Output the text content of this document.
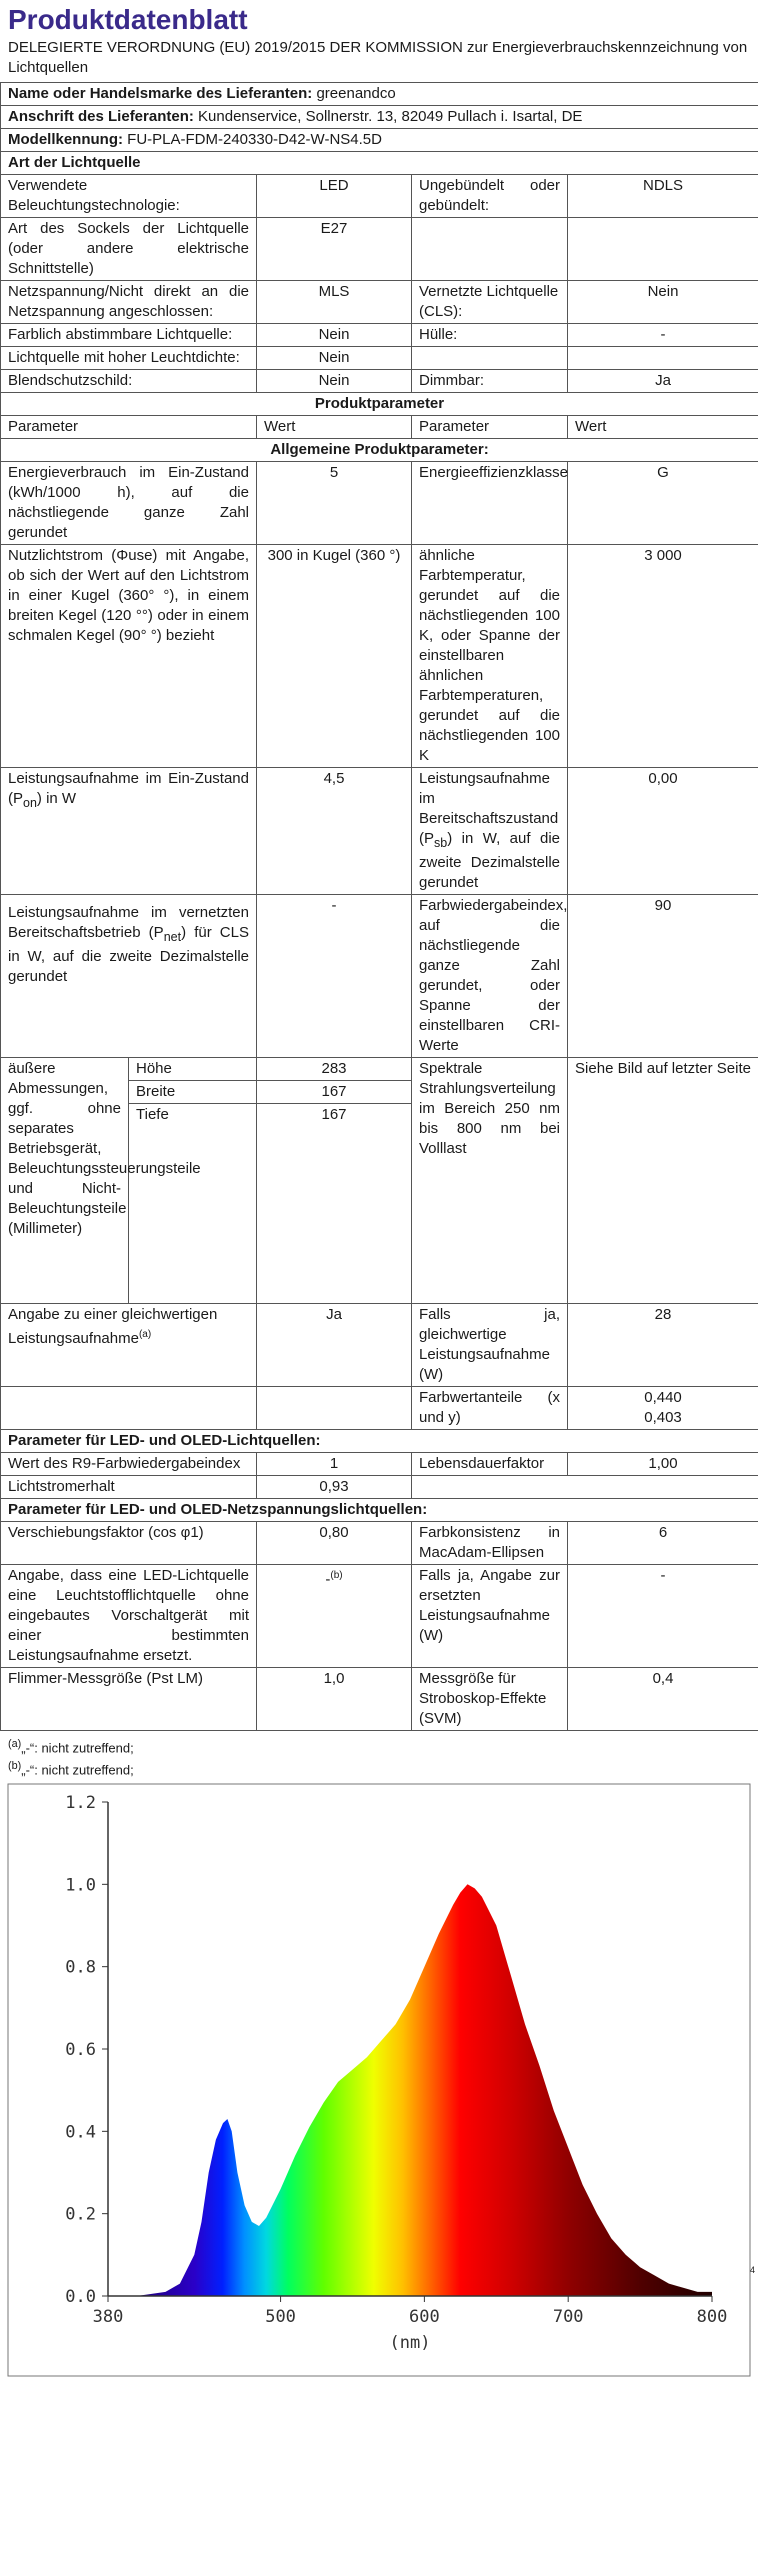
Produktdatenblatt
DELEGIERTE VERORDNUNG (EU) 2019/2015 DER KOMMISSION zur Energieverbrauchskennzeichnung von Lichtquellen
Name oder Handelsmarke des Lieferanten: greenandco				
Anschrift des Lieferanten: Kundenservice, Sollnerstr. 13, 82049 Pullach i. Isartal, DE				
Modellkennung: FU-PLA-FDM-240330-D42-W-NS4.5D				
Art der Lichtquelle				
Verwendete Beleuchtungstechnologie:		LED	Ungebündelt oder gebündelt:	NDLS
Art des Sockels der Lichtquelle (oder andere elektrische Schnittstelle)		E27		
Netzspannung/Nicht direkt an die Netzspannung angeschlossen:		MLS	Vernetzte Lichtquelle (CLS):	Nein
Farblich abstimmbare Lichtquelle:		Nein	Hülle:	-
Lichtquelle mit hoher Leuchtdichte:		Nein		
Blendschutzschild:		Nein	Dimmbar:	Ja
Produktparameter				
Parameter		Wert	Parameter	Wert
Allgemeine Produktparameter:				
Energieverbrauch im Ein-Zustand (kWh/1000 h), auf die nächstliegende ganze Zahl gerundet		5	Energieeffizienzklasse	G
Nutzlichtstrom (Φuse) mit Angabe, ob sich der Wert auf den Lichtstrom in einer Kugel (360° °), in einem breiten Kegel (120 °°) oder in einem schmalen Kegel (90° °) bezieht		300 in Kugel (360 °)	ähnliche Farbtemperatur, gerundet auf die nächstliegenden 100 K, oder Spanne der einstellbaren ähnlichen Farbtemperaturen, gerundet auf die nächstliegenden 100 K	3 000
Leistungsaufnahme im Ein-Zustand $(P_{on})$ in W		4,5	Leistungsaufnahme im Bereitschaftszustand $(P_{sb})$ in W, auf die zweite Dezimalstelle gerundet	0,00
Leistungsaufnahme im vernetzten Bereitschaftsbetrieb $(P_{net})$ für CLS in W, auf die zweite Dezimalstelle gerundet		-	Farbwiedergabeindex, auf die nächstliegende ganze Zahl gerundet, oder Spanne der einstellbaren CRI-Werte	90
äußere Abmessungen, ggf. ohne separates Betriebsgerät, Beleuchtungssteuerungsteile und Nicht-Beleuchtungsteile (Millimeter)	Höhe	283	Spektrale Strahlungsverteilung im Bereich 250 nm bis 800 nm bei Volllast	Siehe Bild auf letzter Seite
	Breite	167		
	Tiefe	167		
Angabe zu einer gleichwertigen Leistungsaufnahme$^{(a)}$		Ja	Falls ja, gleichwertige Leistungsaufnahme (W)	28
			Farbwertanteile (x und y)	0,440
0,403

Parameter für LED- und OLED-Lichtquellen:				
Wert des R9-Farbwiedergabeindex		1	Lebensdauerfaktor	1,00
Lichtstromerhalt		0,93		
Parameter für LED- und OLED-Netzspannungslichtquellen:				
Verschiebungsfaktor (cos φ1)		0,80	Farbkonsistenz in MacAdam-Ellipsen	6
Angabe, dass eine LED-Lichtquelle eine Leuchtstofflichtquelle ohne eingebautes Vorschaltgerät mit einer bestimmten Leistungsaufnahme ersetzt.		-$^{(b)}$	Falls ja, Angabe zur ersetzten Leistungsaufnahme (W)	-
Flimmer-Messgröße (Pst LM)		1,0	Messgröße für Stroboskop-Effekte (SVM)	0,4
$^{(a)}$„-“: nicht zutreffend;
$^{(b)}$„-“: nicht zutreffend;
0.0
0.2
0.4
0.6
0.8
1.0
1.2
380	500	600	700	800
(nm)
4
